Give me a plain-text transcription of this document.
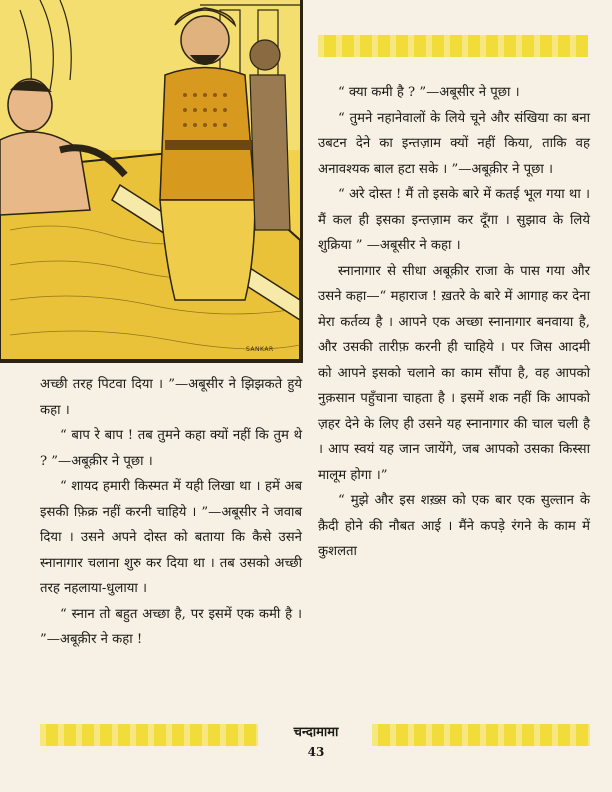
SANKAR

“ क्या कमी है ? ”—अबूसीर ने पूछा ।

“ तुमने नहानेवालों के लिये चूने और संखिया का बना उबटन देने का इन्तज़ाम क्यों नहीं किया, ताकि वह अनावश्यक बाल हटा सके । ”—अबूक़ीर ने पूछा ।

“ अरे दोस्त ! मैं तो इसके बारे में कतई भूल गया था । मैं कल ही इसका इन्तज़ाम कर दूँगा । सुझाव के लिये शुक्रिया ” —अबूसीर ने कहा ।

स्नानागार से सीधा अबूक़ीर राजा के पास गया और उसने कहा—“ महाराज ! ख़तरे के बारे में आगाह कर देना मेरा कर्तव्य है । आपने एक अच्छा स्नानागार बनवाया है, और उसकी तारीफ़ करनी ही चाहिये । पर जिस आदमी को आपने इसको चलाने का काम सौंपा है, वह आपको नुक़सान पहुँचाना चाहता है । इसमें शक नहीं कि आपको ज़हर देने के लिए ही उसने यह स्नानागार की चाल चली है । आप स्वयं यह जान जायेंगे, जब आपको उसका किस्सा मालूम होगा ।”

“ मुझे और इस शख़्स को एक बार एक सुल्तान के क़ैदी होने की नौबत आई । मैंने कपड़े रंगने के काम में कुशलता

अच्छी तरह पिटवा दिया । ”—अबूसीर ने झिझकते हुये कहा ।

“ बाप रे बाप ! तब तुमने कहा क्यों नहीं कि तुम थे ? ”—अबूक़ीर ने पूछा ।

“ शायद हमारी किस्मत में यही लिखा था । हमें अब इसकी फ़िक्र नहीं करनी चाहिये । ”—अबूसीर ने जवाब दिया । उसने अपने दोस्त को बताया कि कैसे उसने स्नानागार चलाना शुरु कर दिया था । तब उसको अच्छी तरह नहलाया-धुलाया ।

“ स्नान तो बहुत अच्छा है, पर इसमें एक कमी है । ”—अबूक़ीर ने कहा !

चन्दामामा
43
